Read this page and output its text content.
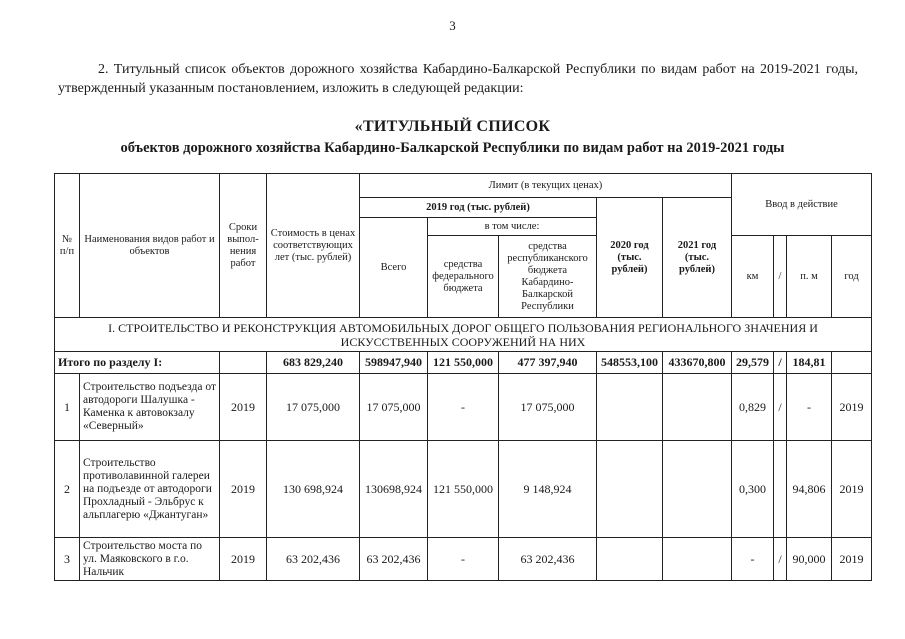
3
2. Титульный список объектов дорожного хозяйства Кабардино-Балкарской Республики по видам работ на 2019-2021 годы, утвержденный указанным постановлением, изложить в следующей редакции:
«ТИТУЛЬНЫЙ СПИСОК
объектов дорожного хозяйства Кабардино-Балкарской Республики по видам работ на 2019-2021 годы
№ п/п	Наименования видов работ и объектов	Сроки выпол-нения работ	Стоимость в ценах соответствующих лет (тыс. рублей)	Лимит (в текущих ценах)					Ввод в действие			
				2019 год (тыс. рублей)			2020 год (тыс. рублей)	2021 год (тыс. рублей)				
				Всего	в том числе:							
					средства федерального бюджета	средства республиканского бюджета Кабардино-Балкарской Республики			км	/	п. м	год
I. СТРОИТЕЛЬСТВО И РЕКОНСТРУКЦИЯ АВТОМОБИЛЬНЫХ ДОРОГ ОБЩЕГО ПОЛЬЗОВАНИЯ РЕГИОНАЛЬНОГО ЗНАЧЕНИЯ И ИСКУССТВЕННЫХ СООРУЖЕНИЙ НА НИХ												
Итого по разделу I:			683 829,240	598947,940	121 550,000	477 397,940	548553,100	433670,800	29,579	/	184,81	
1	Строительство подъезда от автодороги Шалушка - Каменка к автовокзалу «Северный»	2019	17 075,000	17 075,000	-	17 075,000			0,829	/	-	2019
2	Строительство противолавинной галереи на подъезде от автодороги Прохладный - Эльбрус к альплагерю «Джантуган»	2019	130 698,924	130698,924	121 550,000	9 148,924			0,300		94,806	2019
3	Строительство моста по ул. Маяковского в г.о. Нальчик	2019	63 202,436	63 202,436	-	63 202,436			-	/	90,000	2019
